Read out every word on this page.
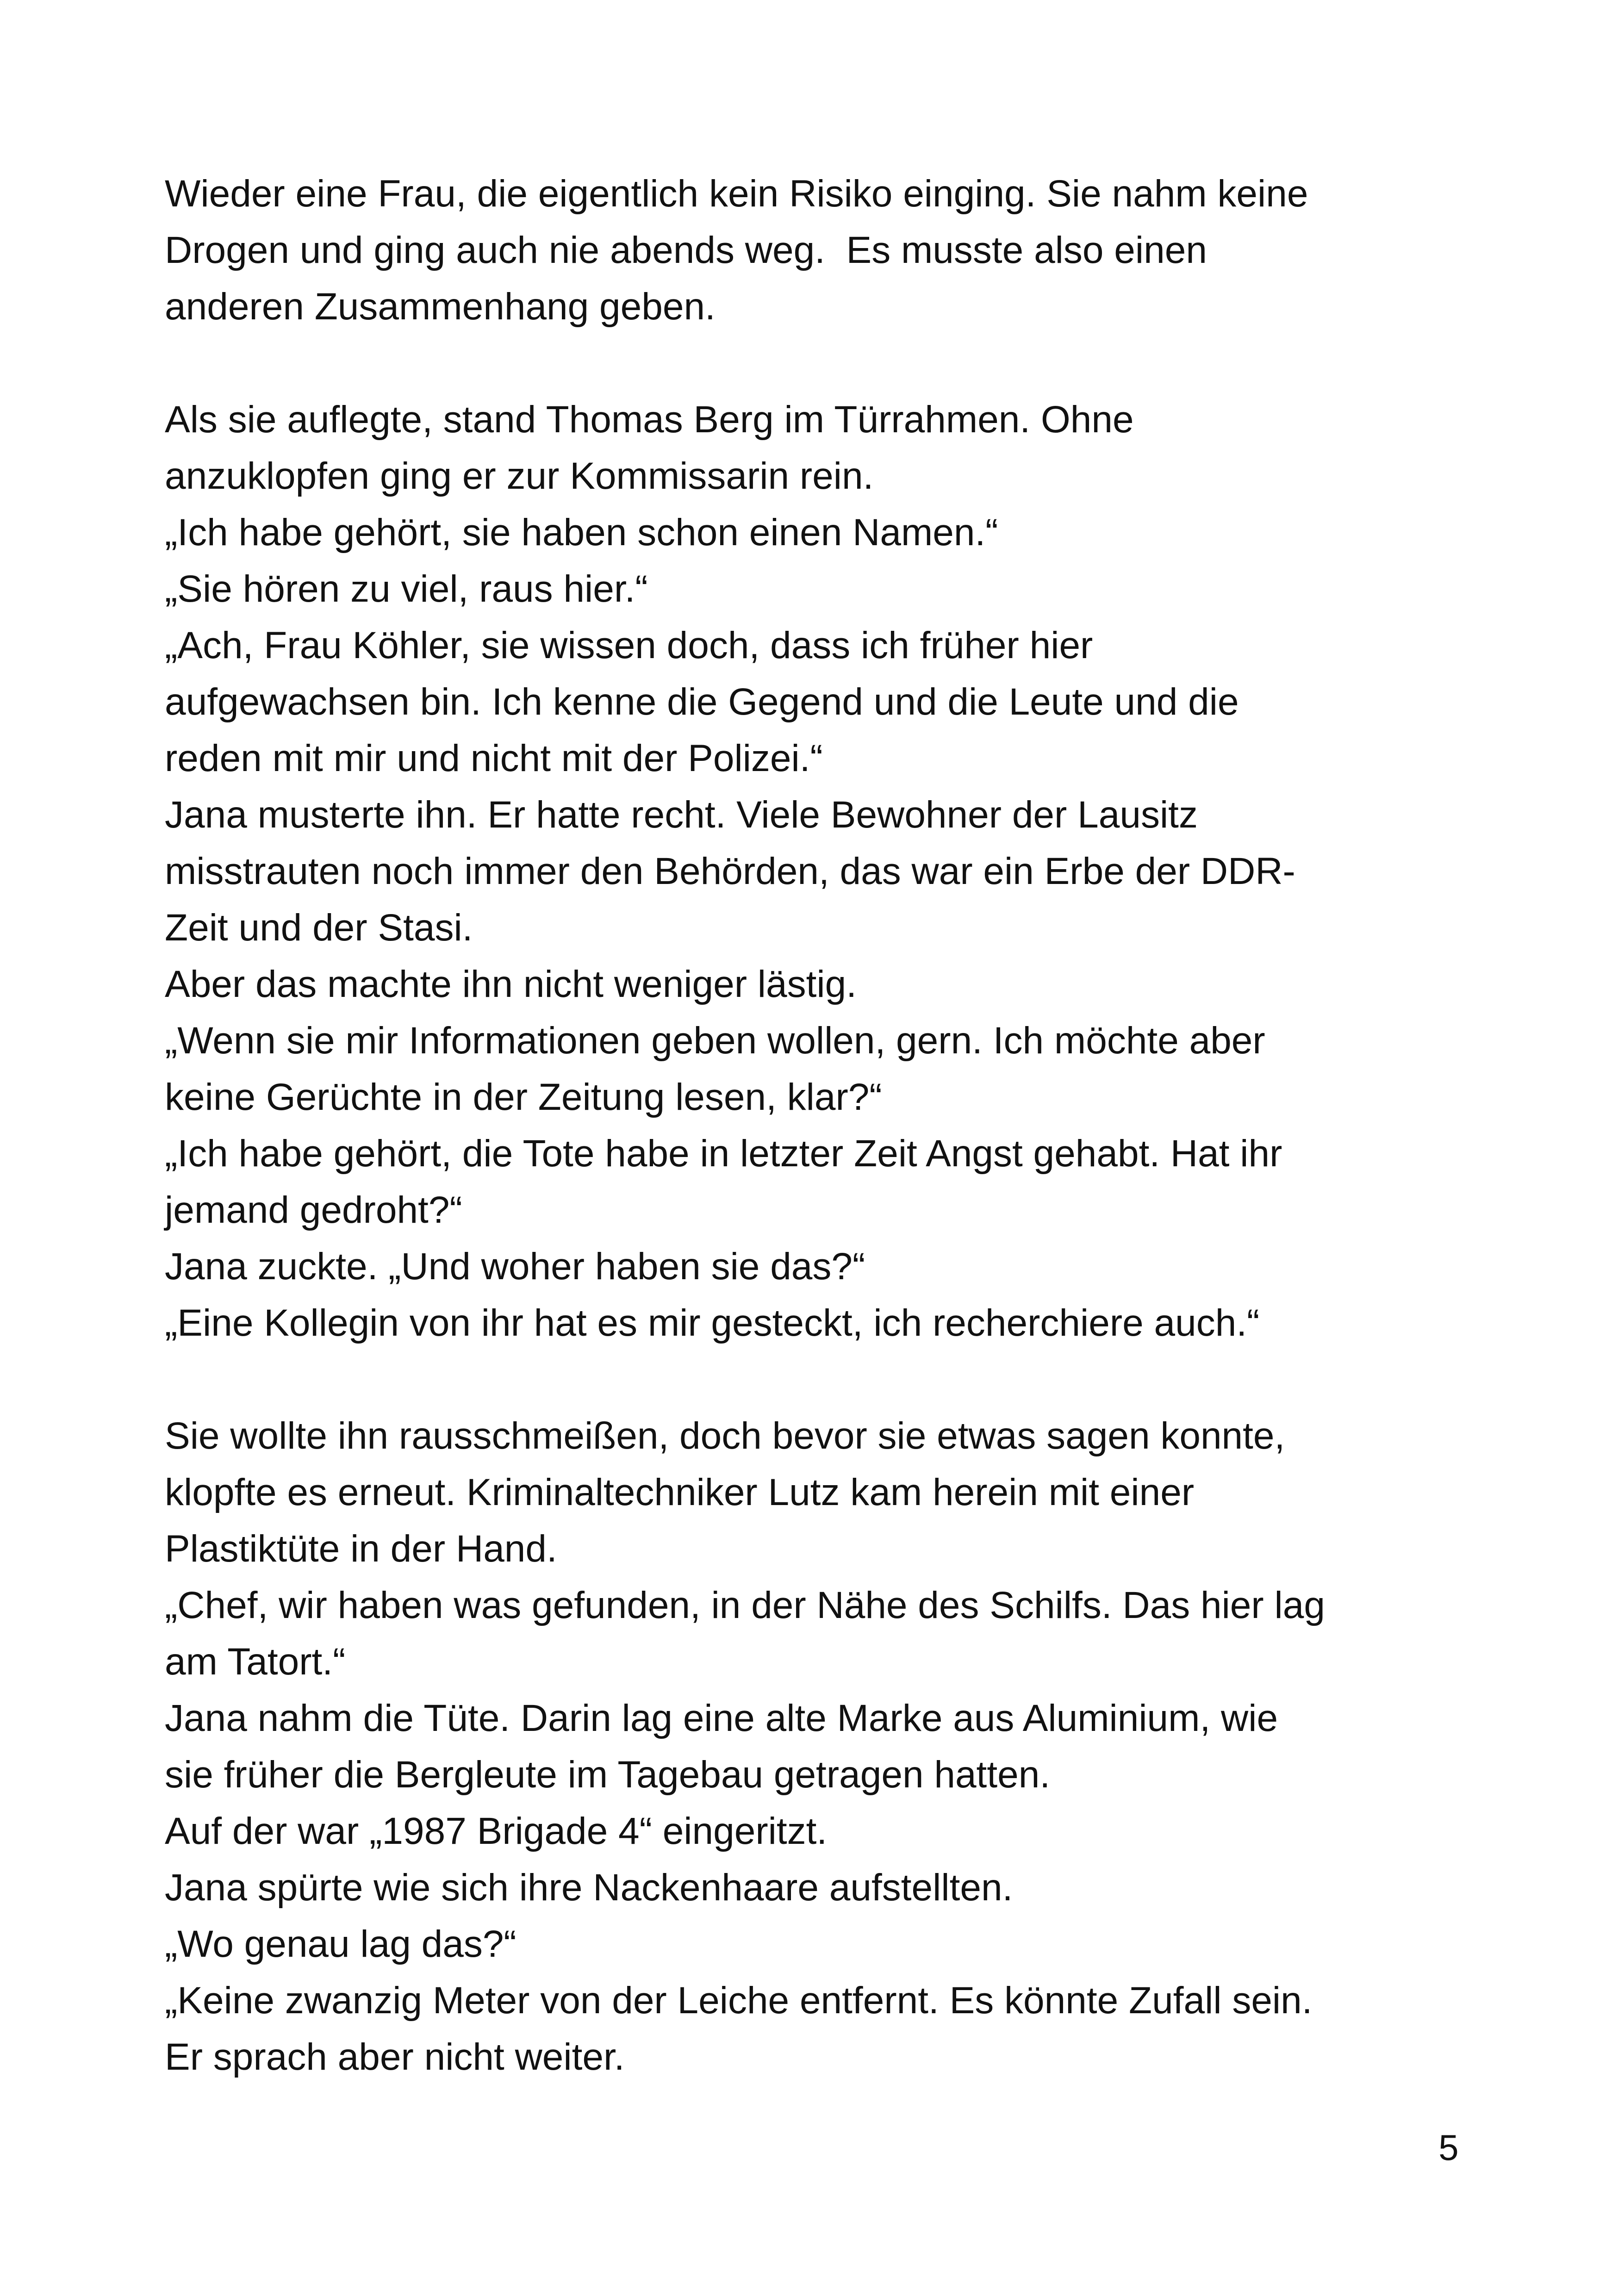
Wieder eine Frau, die eigentlich kein Risiko einging. Sie nahm keine
Drogen und ging auch nie abends weg.  Es musste also einen
anderen Zusammenhang geben.
Als sie auflegte, stand Thomas Berg im Türrahmen. Ohne
anzuklopfen ging er zur Kommissarin rein.
„Ich habe gehört, sie haben schon einen Namen.“
„Sie hören zu viel, raus hier.“
„Ach, Frau Köhler, sie wissen doch, dass ich früher hier
aufgewachsen bin. Ich kenne die Gegend und die Leute und die
reden mit mir und nicht mit der Polizei.“
Jana musterte ihn. Er hatte recht. Viele Bewohner der Lausitz
misstrauten noch immer den Behörden, das war ein Erbe der DDR-
Zeit und der Stasi.
Aber das machte ihn nicht weniger lästig.
„Wenn sie mir Informationen geben wollen, gern. Ich möchte aber
keine Gerüchte in der Zeitung lesen, klar?“
„Ich habe gehört, die Tote habe in letzter Zeit Angst gehabt. Hat ihr
jemand gedroht?“
Jana zuckte. „Und woher haben sie das?“
„Eine Kollegin von ihr hat es mir gesteckt, ich recherchiere auch.“
Sie wollte ihn rausschmeißen, doch bevor sie etwas sagen konnte,
klopfte es erneut. Kriminaltechniker Lutz kam herein mit einer
Plastiktüte in der Hand.
„Chef, wir haben was gefunden, in der Nähe des Schilfs. Das hier lag
am Tatort.“
Jana nahm die Tüte. Darin lag eine alte Marke aus Aluminium, wie
sie früher die Bergleute im Tagebau getragen hatten.
Auf der war „1987 Brigade 4“ eingeritzt.
Jana spürte wie sich ihre Nackenhaare aufstellten.
„Wo genau lag das?“
„Keine zwanzig Meter von der Leiche entfernt. Es könnte Zufall sein.
Er sprach aber nicht weiter.
5
